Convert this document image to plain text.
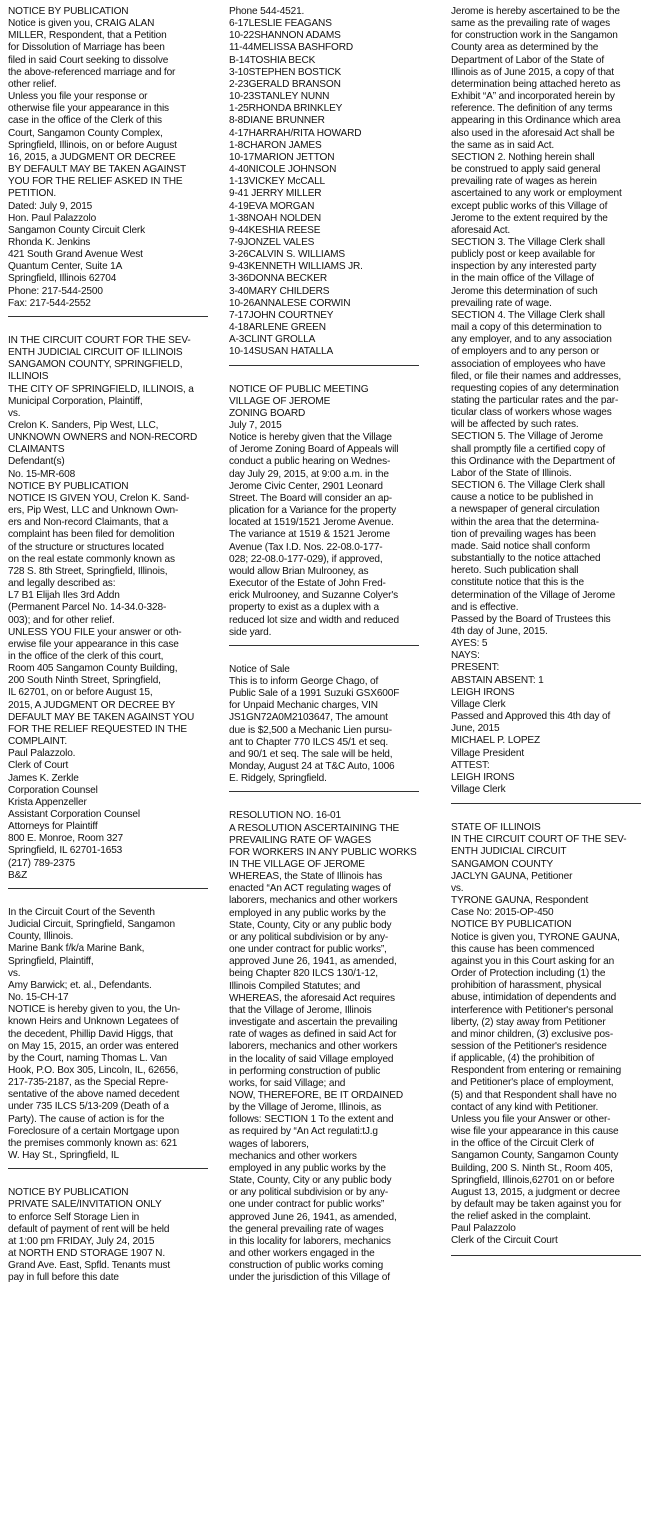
NOTICE BY PUBLICATION
Notice is given you, CRAIG ALAN
MILLER, Respondent, that a Petition
for Dissolution of Marriage has been
filed in said Court seeking to dissolve
the above-referenced marriage and for
other relief.
Unless you file your response or
otherwise file your appearance in this
case in the office of the Clerk of this
Court, Sangamon County Complex,
Springfield, Illinois, on or before August
16, 2015, a JUDGMENT OR DECREE
BY DEFAULT MAY BE TAKEN AGAINST
YOU FOR THE RELIEF ASKED IN THE
PETITION.
Dated: July 9, 2015
Hon. Paul Palazzolo
Sangamon County Circuit Clerk
Rhonda K. Jenkins
421 South Grand Avenue West
Quantum Center, Suite 1A
Springfield, Illinois 62704
Phone: 217-544-2500
Fax: 217-544-2552
IN THE CIRCUIT COURT FOR THE SEV-
ENTH JUDICIAL CIRCUIT OF ILLINOIS
SANGAMON COUNTY, SPRINGFIELD,
ILLINOIS
THE CITY OF SPRINGFIELD, ILLINOIS, a
Municipal Corporation, Plaintiff,
vs.
Crelon K. Sanders, Pip West, LLC,
UNKNOWN OWNERS and NON-RECORD
CLAIMANTS
Defendant(s)
No. 15-MR-608
NOTICE BY PUBLICATION
NOTICE IS GIVEN YOU, Crelon K. Sand-
ers, Pip West, LLC and Unknown Own-
ers and Non-record Claimants, that a
complaint has been filed for demolition
of the structure or structures located
on the real estate commonly known as
728 S. 8th Street, Springfield, Illinois,
and legally described as:
L7 B1 Elijah Iles 3rd Addn
(Permanent Parcel No. 14-34.0-328-
003); and for other relief.
UNLESS YOU FILE your answer or oth-
erwise file your appearance in this case
in the office of the clerk of this court,
Room 405 Sangamon County Building,
200 South Ninth Street, Springfield,
IL 62701, on or before August 15,
2015, A JUDGMENT OR DECREE BY
DEFAULT MAY BE TAKEN AGAINST YOU
FOR THE RELIEF REQUESTED IN THE
COMPLAINT.
Paul Palazzolo.
Clerk of Court
James K. Zerkle
Corporation Counsel
Krista Appenzeller
Assistant Corporation Counsel
Attorneys for Plaintiff
800 E. Monroe, Room 327
Springfield, IL 62701-1653
(217) 789-2375
B&Z
In the Circuit Court of the Seventh
Judicial Circuit, Springfield, Sangamon
County, Illinois.
Marine Bank f/k/a Marine Bank,
Springfield, Plaintiff,
vs.
Amy Barwick; et. al., Defendants.
No. 15-CH-17
NOTICE is hereby given to you, the Un-
known Heirs and Unknown Legatees of
the decedent, Phillip David Higgs, that
on May 15, 2015, an order was entered
by the Court, naming Thomas L. Van
Hook, P.O. Box 305, Lincoln, IL, 62656,
217-735-2187, as the Special Repre-
sentative of the above named decedent
under 735 ILCS 5/13-209 (Death of a
Party). The cause of action is for the
Foreclosure of a certain Mortgage upon
the premises commonly known as: 621
W. Hay St., Springfield, IL
NOTICE BY PUBLICATION
PRIVATE SALE/INVITATION ONLY
to enforce Self Storage Lien in
default of payment of rent will be held
at 1:00 pm FRIDAY, July 24, 2015
at NORTH END STORAGE 1907 N.
Grand Ave. East, Spfld. Tenants must
pay in full before this date
Phone 544-4521.
6-17LESLIE FEAGANS
10-22SHANNON ADAMS
11-44MELISSA BASHFORD
B-14TOSHIA BECK
3-10STEPHEN BOSTICK
2-23GERALD BRANSON
10-23STANLEY NUNN
1-25RHONDA BRINKLEY
8-8DIANE BRUNNER
4-17HARRAH/RITA HOWARD
1-8CHARON JAMES
10-17MARION JETTON
4-40NICOLE JOHNSON
1-13VICKEY McCALL
9-41 JERRY MILLER
4-19EVA MORGAN
1-38NOAH NOLDEN
9-44KESHIA REESE
7-9JONZEL VALES
3-26CALVIN S. WILLIAMS
9-43KENNETH WILLIAMS JR.
3-36DONNA BECKER
3-40MARY CHILDERS
10-26ANNALESE CORWIN
7-17JOHN COURTNEY
4-18ARLENE GREEN
A-3CLINT GROLLA
10-14SUSAN HATALLA
NOTICE OF PUBLIC MEETING
VILLAGE OF JEROME
ZONING BOARD
July 7, 2015
Notice is hereby given that the Village
of Jerome Zoning Board of Appeals will
conduct a public hearing on Wednes-
day July 29, 2015, at 9:00 a.m. in the
Jerome Civic Center, 2901 Leonard
Street. The Board will consider an ap-
plication for a Variance for the property
located at 1519/1521 Jerome Avenue.
The variance at 1519 & 1521 Jerome
Avenue (Tax I.D. Nos. 22-08.0-177-
028; 22-08.0-177-029), if approved,
would allow Brian Mulrooney, as
Executor of the Estate of John Fred-
erick Mulrooney, and Suzanne Colyer's
property to exist as a duplex with a
reduced lot size and width and reduced
side yard.
Notice of Sale
This is to inform George Chago, of
Public Sale of a 1991 Suzuki GSX600F
for Unpaid Mechanic charges, VIN
JS1GN72A0M2103647, The amount
due is $2,500 a Mechanic Lien pursu-
ant to Chapter 770 ILCS 45/1 et seq.
and 90/1 et seq. The sale will be held,
Monday, August 24 at T&C Auto, 1006
E. Ridgely, Springfield.
RESOLUTION NO. 16-01
A RESOLUTION ASCERTAINING THE
PREVAILING RATE OF WAGES
FOR WORKERS IN ANY PUBLIC WORKS
IN THE VILLAGE OF JEROME
WHEREAS, the State of Illinois has
enacted “An ACT regulating wages of
laborers, mechanics and other workers
employed in any public works by the
State, County, City or any public body
or any political subdivision or by any-
one under contract for public works”,
approved June 26, 1941, as amended,
being Chapter 820 ILCS 130/1-12,
Illinois Compiled Statutes; and
WHEREAS, the aforesaid Act requires
that the Village of Jerome, Illinois
investigate and ascertain the prevailing
rate of wages as defined in said Act for
laborers, mechanics and other workers
in the locality of said Village employed
in performing construction of public
works, for said Village; and
NOW, THEREFORE, BE IT ORDAINED
by the Village of Jerome, Illinois, as
follows: SECTION 1 To the extent and
as required by “An Act regulati:tJ.g
wages of laborers,
mechanics and other workers
employed in any public works by the
State, County, City or any public body
or any political subdivision or by any-
one under contract for public works”
approved June 26, 1941, as amended,
the general prevailing rate of wages
in this locality for laborers, mechanics
and other workers engaged in the
construction of public works coming
under the jurisdiction of this Village of
Jerome is hereby ascertained to be the
same as the prevailing rate of wages
for construction work in the Sangamon
County area as determined by the
Department of Labor of the State of
Illinois as of June 2015, a copy of that
determination being attached hereto as
Exhibit “A” and incorporated herein by
reference. The definition of any terms
appearing in this Ordinance which area
also used in the aforesaid Act shall be
the same as in said Act.
SECTION 2. Nothing herein shall
be construed to apply said general
prevailing rate of wages as herein
ascertained to any work or employment
except public works of this Village of
Jerome to the extent required by the
aforesaid Act.
SECTION 3. The Village Clerk shall
publicly post or keep available for
inspection by any interested party
in the main office of the Village of
Jerome this determination of such
prevailing rate of wage.
SECTION 4. The Village Clerk shall
mail a copy of this determination to
any employer, and to any association
of employers and to any person or
association of employees who have
filed, or file their names and addresses,
requesting copies of any determination
stating the particular rates and the par-
ticular class of workers whose wages
will be affected by such rates.
SECTION 5. The Village of Jerome
shall promptly file a certified copy of
this Ordinance with the Department of
Labor of the State of Illinois.
SECTION 6. The Village Clerk shall
cause a notice to be published in
a newspaper of general circulation
within the area that the determina-
tion of prevailing wages has been
made. Said notice shall conform
substantially to the notice attached
hereto. Such publication shall
constitute notice that this is the
determination of the Village of Jerome
and is effective.
Passed by the Board of Trustees this
4th day of June, 2015.
AYES: 5
NAYS:
PRESENT:
ABSTAIN ABSENT: 1
LEIGH IRONS
Village Clerk
Passed and Approved this 4th day of
June, 2015
MICHAEL P. LOPEZ
Village President
ATTEST:
LEIGH IRONS
Village Clerk
STATE OF ILLINOIS
IN THE CIRCUIT COURT OF THE SEV-
ENTH JUDICIAL CIRCUIT
SANGAMON COUNTY
JACLYN GAUNA, Petitioner
vs.
TYRONE GAUNA, Respondent
Case No: 2015-OP-450
NOTICE BY PUBLICATION
Notice is given you, TYRONE GAUNA,
this cause has been commenced
against you in this Court asking for an
Order of Protection including (1) the
prohibition of harassment, physical
abuse, intimidation of dependents and
interference with Petitioner's personal
liberty, (2) stay away from Petitioner
and minor children, (3) exclusive pos-
session of the Petitioner's residence
if applicable, (4) the prohibition of
Respondent from entering or remaining
and Petitioner's place of employment,
(5) and that Respondent shall have no
contact of any kind with Petitioner.
Unless you file your Answer or other-
wise file your appearance in this cause
in the office of the Circuit Clerk of
Sangamon County, Sangamon County
Building, 200 S. Ninth St., Room 405,
Springfield, Illinois,62701 on or before
August 13, 2015, a judgment or decree
by default may be taken against you for
the relief asked in the complaint.
Paul Palazzolo
Clerk of the Circuit Court
